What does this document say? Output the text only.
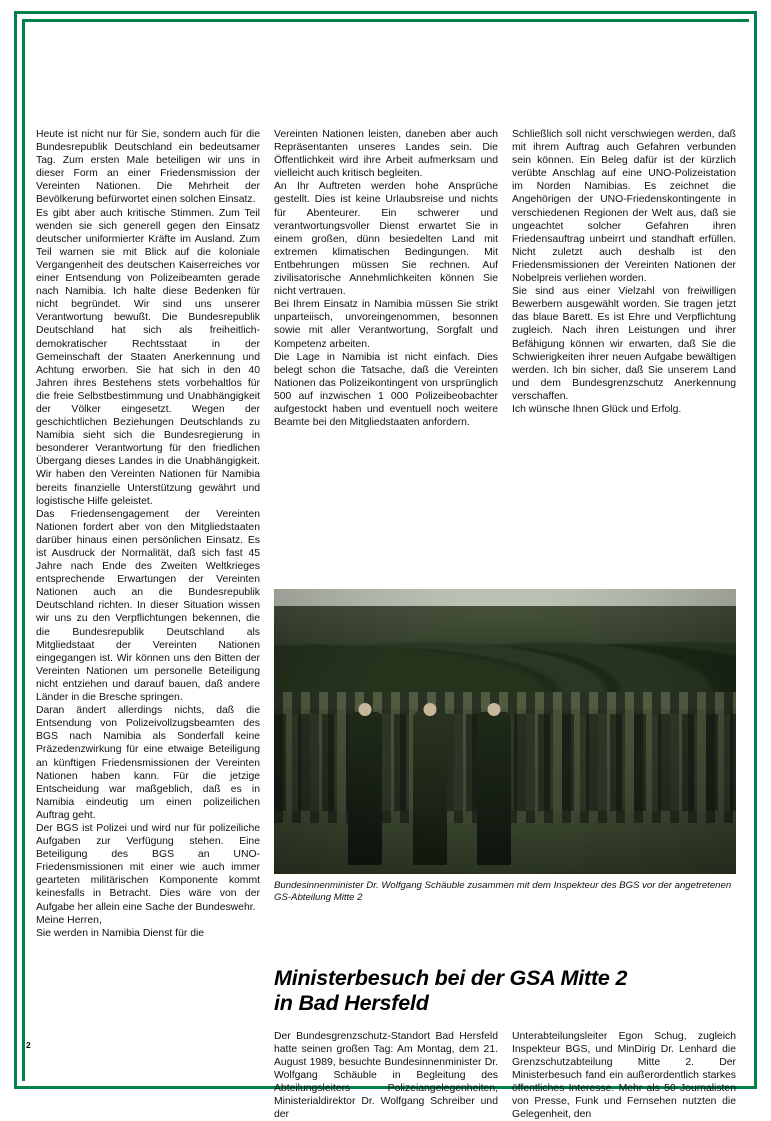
Heute ist nicht nur für Sie, sondern auch für die Bundesrepublik Deutschland ein bedeutsamer Tag. Zum ersten Male beteiligen wir uns in dieser Form an einer Friedensmission der Vereinten Nationen. Die Mehrheit der Bevölkerung befürwortet einen solchen Einsatz.

Es gibt aber auch kritische Stimmen. Zum Teil wenden sie sich generell gegen den Einsatz deutscher uniformierter Kräfte im Ausland. Zum Teil warnen sie mit Blick auf die koloniale Vergangenheit des deutschen Kaiserreiches vor einer Entsendung von Polizeibeamten gerade nach Namibia. Ich halte diese Bedenken für nicht begründet. Wir sind uns unserer Verantwortung bewußt. Die Bundesrepublik Deutschland hat sich als freiheitlich-demokratischer Rechtsstaat in der Gemeinschaft der Staaten Anerkennung und Achtung erworben. Sie hat sich in den 40 Jahren ihres Bestehens stets vorbehaltlos für die freie Selbstbestimmung und Unabhängigkeit der Völker eingesetzt. Wegen der geschichtlichen Beziehungen Deutschlands zu Namibia sieht sich die Bundesregierung in besonderer Verantwortung für den friedlichen Übergang dieses Landes in die Unabhängigkeit. Wir haben den Vereinten Nationen für Namibia bereits finanzielle Unterstützung gewährt und logistische Hilfe geleistet.

Das Friedensengagement der Vereinten Nationen fordert aber von den Mitgliedstaaten darüber hinaus einen persönlichen Einsatz. Es ist Ausdruck der Normalität, daß sich fast 45 Jahre nach Ende des Zweiten Weltkrieges entsprechende Erwartungen der Vereinten Nationen auch an die Bundesrepublik Deutschland richten. In dieser Situation wissen wir uns zu den Verpflichtungen bekennen, die die Bundesrepublik Deutschland als Mitgliedstaat der Vereinten Nationen eingegangen ist. Wir können uns den Bitten der Vereinten Nationen um personelle Beteiligung nicht entziehen und darauf bauen, daß andere Länder in die Bresche springen.

Daran ändert allerdings nichts, daß die Entsendung von Polizeivollzugsbeamten des BGS nach Namibia als Sonderfall keine Präzedenzwirkung für eine etwaige Beteiligung an künftigen Friedensmissionen der Vereinten Nationen haben kann. Für die jetzige Entscheidung war maßgeblich, daß es in Namibia eindeutig um einen polizeilichen Auftrag geht.

Der BGS ist Polizei und wird nur für polizeiliche Aufgaben zur Verfügung stehen. Eine Beteiligung des BGS an UNO-Friedensmissionen mit einer wie auch immer gearteten militärischen Komponente kommt keinesfalls in Betracht. Dies wäre von der Aufgabe her allein eine Sache der Bundeswehr.

Meine Herren,

Sie werden in Namibia Dienst für die

Vereinten Nationen leisten, daneben aber auch Repräsentanten unseres Landes sein. Die Öffentlichkeit wird ihre Arbeit aufmerksam und vielleicht auch kritisch begleiten.

An Ihr Auftreten werden hohe Ansprüche gestellt. Dies ist keine Urlaubsreise und nichts für Abenteurer. Ein schwerer und verantwortungsvoller Dienst erwartet Sie in einem großen, dünn besiedelten Land mit extremen klimatischen Bedingungen. Mit Entbehrungen müssen Sie rechnen. Auf zivilisatorische Annehmlichkeiten können Sie nicht vertrauen.

Bei Ihrem Einsatz in Namibia müssen Sie strikt unparteiisch, unvoreingenommen, besonnen sowie mit aller Verantwortung, Sorgfalt und Kompetenz arbeiten.

Die Lage in Namibia ist nicht einfach. Dies belegt schon die Tatsache, daß die Vereinten Nationen das Polizeikontingent von ursprünglich 500 auf inzwischen 1 000 Polizeibeobachter aufgestockt haben und eventuell noch weitere Beamte bei den Mitgliedstaaten anfordern.

Schließlich soll nicht verschwiegen werden, daß mit ihrem Auftrag auch Gefahren verbunden sein können. Ein Beleg dafür ist der kürzlich verübte Anschlag auf eine UNO-Polizeistation im Norden Namibias. Es zeichnet die Angehörigen der UNO-Friedenskontingente in verschiedenen Regionen der Welt aus, daß sie ungeachtet solcher Gefahren ihren Friedensauftrag unbeirrt und standhaft erfüllen. Nicht zuletzt auch deshalb ist den Friedensmissionen der Vereinten Nationen der Nobelpreis verliehen worden.

Sie sind aus einer Vielzahl von freiwilligen Bewerbern ausgewählt worden. Sie tragen jetzt das blaue Barett. Es ist Ehre und Verpflichtung zugleich. Nach ihren Leistungen und ihrer Befähigung können wir erwarten, daß Sie die Schwierigkeiten ihrer neuen Aufgabe bewältigen werden. Ich bin sicher, daß Sie unserem Land und dem Bundesgrenzschutz Anerkennung verschaffen.

Ich wünsche Ihnen Glück und Erfolg.

Ministerbesuch bei der GSA Mitte 2
in Bad Hersfeld

Der Bundesgrenzschutz-Standort Bad Hersfeld hatte seinen großen Tag: Am Montag, dem 21. August 1989, besuchte Bundesinnenminister Dr. Wolfgang Schäuble in Begleitung des Abteilungsleiters Polizeiangelegenheiten, Ministerialdirektor Dr. Wolfgang Schreiber und der

Unterabteilungsleiter Egon Schug, zugleich Inspekteur BGS, und MinDirig Dr. Lenhard die Grenzschutzabteilung Mitte 2. Der Ministerbesuch fand ein außerordentlich starkes öffentliches Interesse. Mehr als 50 Journalisten von Presse, Funk und Fernsehen nutzten die Gelegenheit, den

Bundesinnenminister Dr. Wolfgang Schäuble zusammen mit dem Inspekteur des BGS vor der angetretenen GS-Abteilung Mitte 2
2
